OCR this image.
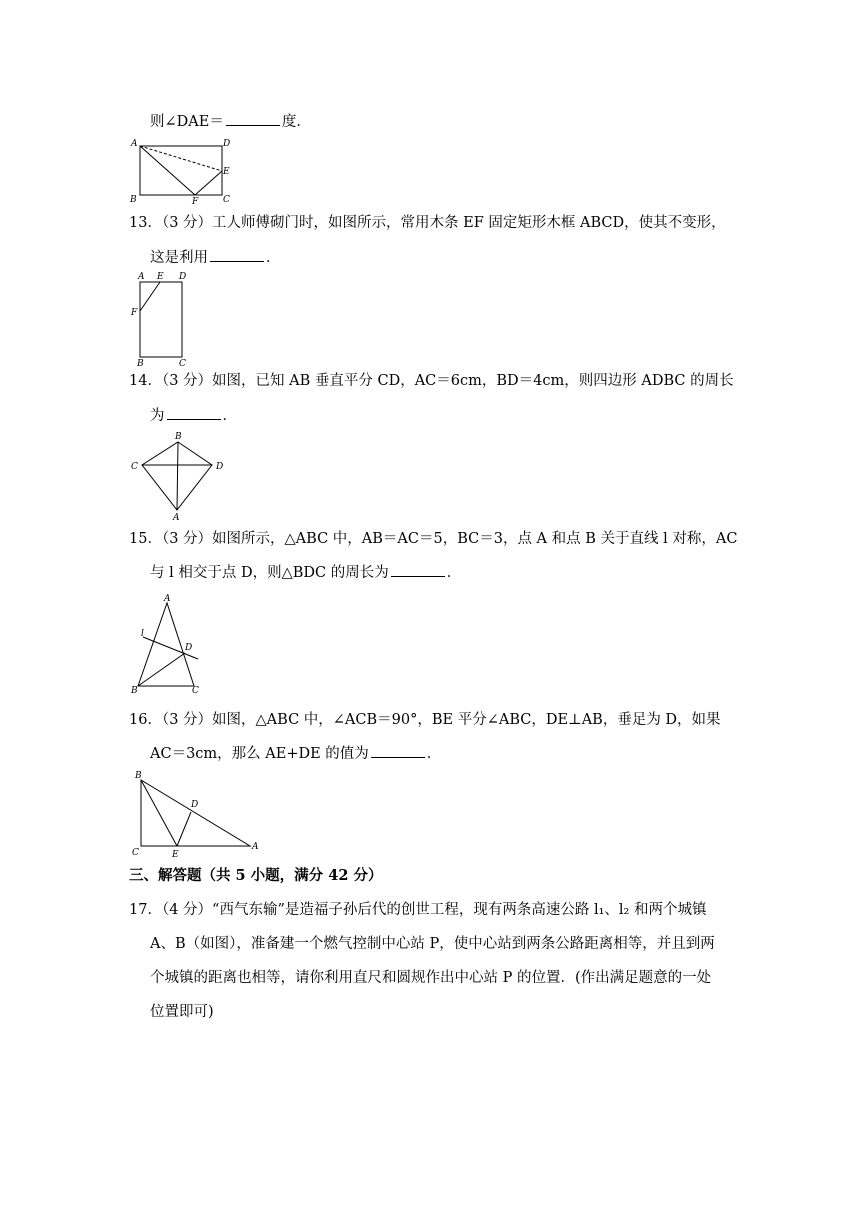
则∠DAE＝	度．
A	D
E
B	F	C
13．（3 分）工人师傅砌门时，如图所示，常用木条 EF 固定矩形木框 ABCD，使其不变形，
这是利用	．
A E D
F
B	C
14．（3 分）如图，已知 AB 垂直平分 CD，AC＝6cm，BD＝4cm，则四边形 ADBC 的周长
为	．
B
C	D
A
15．（3 分）如图所示，△ABC 中，AB＝AC＝5，BC＝3，点 A 和点 B 关于直线 l 对称，AC
与 l 相交于点 D，则△BDC 的周长为	．
A
l
D
B	C
16．（3 分）如图，△ABC 中，∠ACB＝90°，BE 平分∠ABC，DE⊥AB，垂足为 D，如果
AC＝3cm，那么 AE+DE 的值为	．
B
D
C	E
A
三、解答题（共 5 小题，满分 42 分）
17．（4 分）“西气东输”是造福子孙后代的创世工程，现有两条高速公路 l₁、l₂ 和两个城镇
A、B（如图），准备建一个燃气控制中心站 P，使中心站到两条公路距离相等，并且到两
个城镇的距离也相等，请你利用直尺和圆规作出中心站 P 的位置．(作出满足题意的一处
位置即可)
